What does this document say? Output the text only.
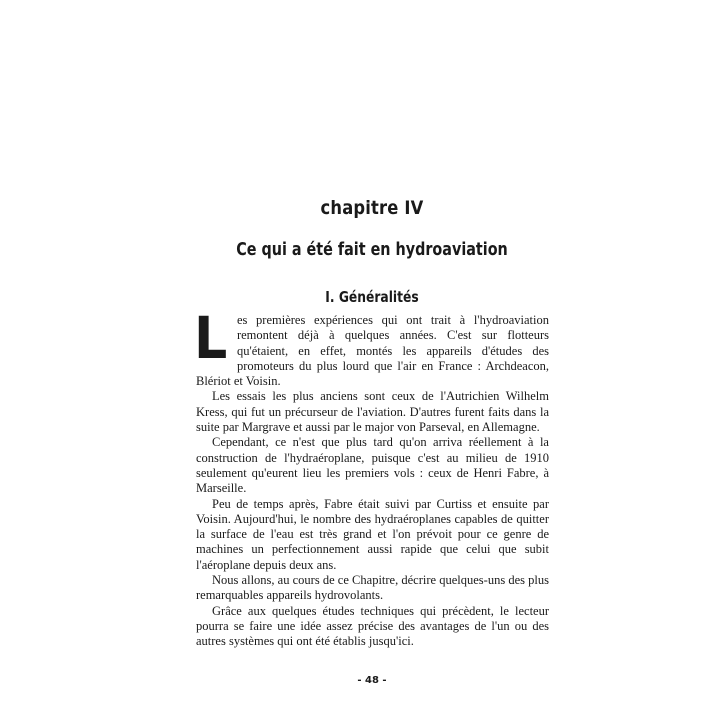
chapitre IV
Ce qui a été fait en hydroaviation
I. Généralités

Les premières expériences qui ont trait à l'hydroaviation remontent déjà à quelques années. C'est sur flotteurs qu'étaient, en effet, montés les appareils d'études des promoteurs du plus lourd que l'air en France : Archdeacon, Blériot et Voisin.

Les essais les plus anciens sont ceux de l'Autrichien Wilhelm Kress, qui fut un précurseur de l'aviation. D'autres furent faits dans la suite par Margrave et aussi par le major von Parseval, en Allemagne.

Cependant, ce n'est que plus tard qu'on arriva réellement à la construction de l'hydraéroplane, puisque c'est au milieu de 1910 seulement qu'eurent lieu les premiers vols : ceux de Henri Fabre, à Marseille.

Peu de temps après, Fabre était suivi par Curtiss et ensuite par Voisin. Aujourd'hui, le nombre des hydraéroplanes capables de quitter la surface de l'eau est très grand et l'on prévoit pour ce genre de machines un perfectionnement aussi rapide que celui que subit l'aéroplane depuis deux ans.

Nous allons, au cours de ce Chapitre, décrire quelques-uns des plus remarquables appareils hydrovolants.

Grâce aux quelques études techniques qui précèdent, le lecteur pourra se faire une idée assez précise des avantages de l'un ou des autres systèmes qui ont été établis jusqu'ici.

- 48 -
